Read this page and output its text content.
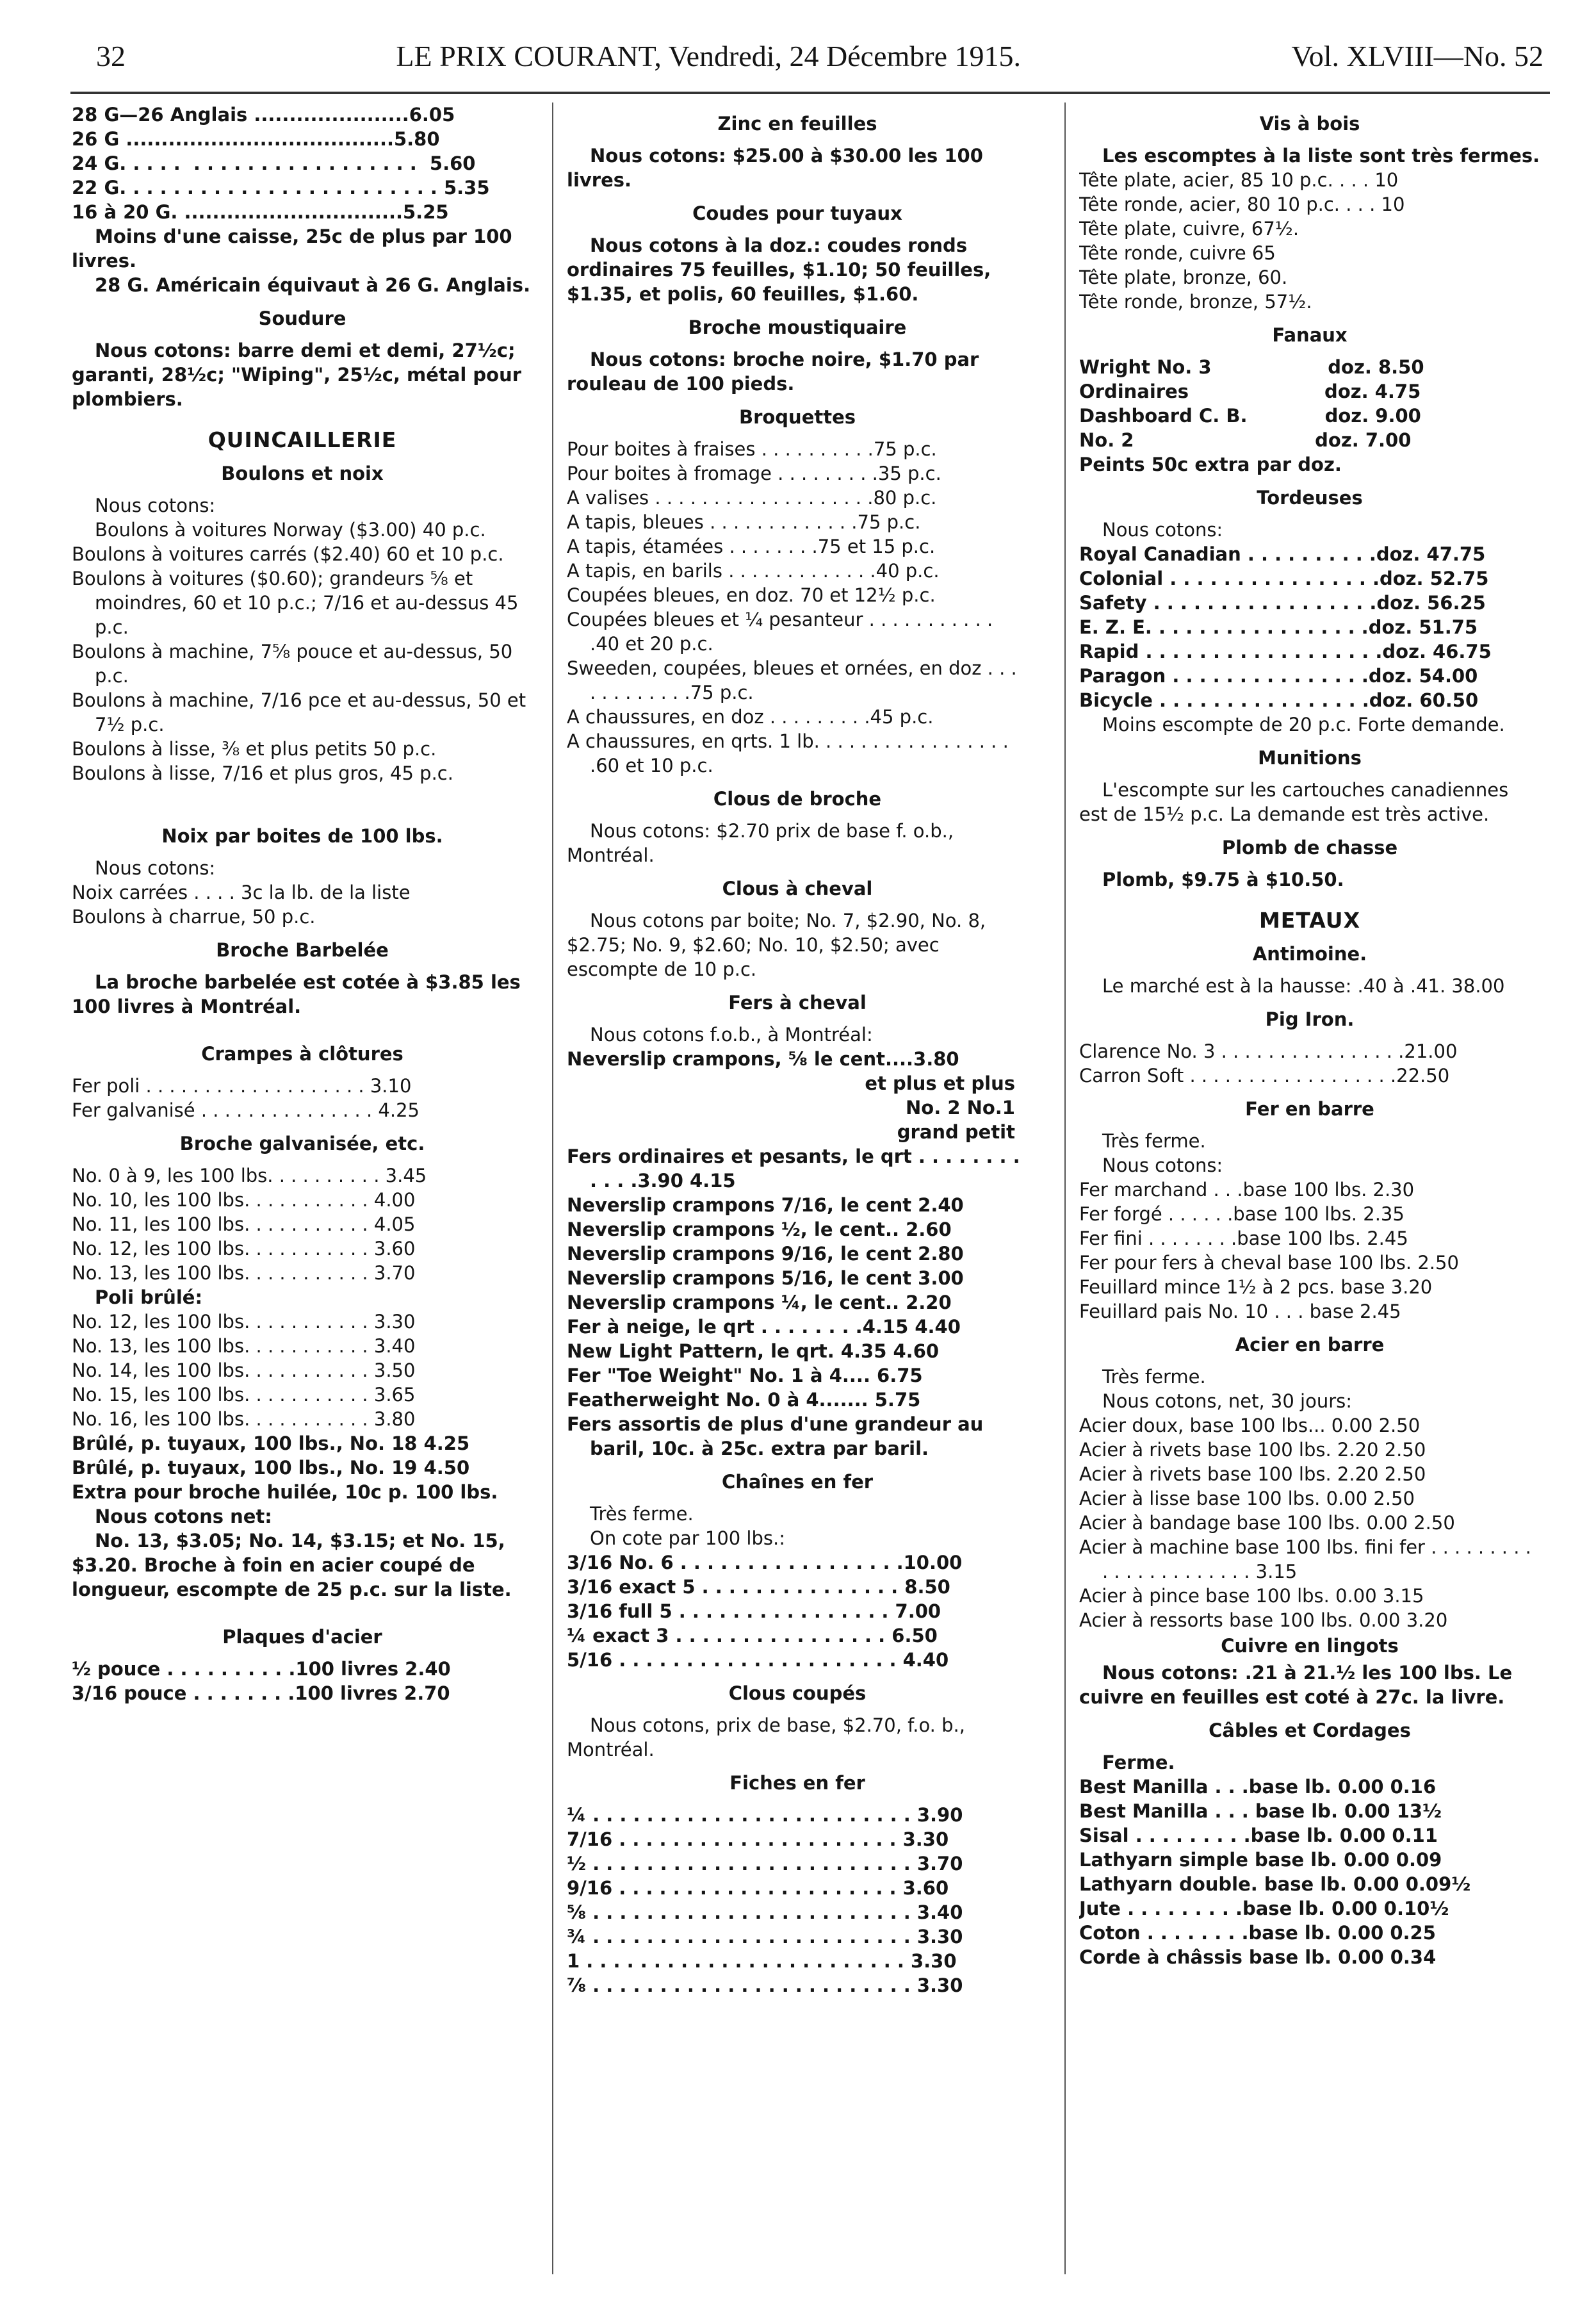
32	LE PRIX COURANT, Vendredi, 24 Décembre 1915.	Vol. XLVIII—No. 52

28 G—26 Anglais ......................6.05

26 G ......................................5.80

24 G. . . . .  . . . . . . . . . . . . . . . . .  5.60

22 G. . . . . . . . . . . . . . . . . . . . . . . . 5.35

16 à 20 G. ...............................5.25

Moins d'une caisse, 25c de plus par 100 livres.

28 G. Américain équivaut à 26 G. Anglais.

Soudure

Nous cotons: barre demi et demi, 27½c; garanti, 28½c; "Wiping", 25½c, métal pour plombiers.

QUINCAILLERIE

Boulons et noix

Nous cotons:

Boulons à voitures Norway ($3.00) 40 p.c.

Boulons à voitures carrés ($2.40) 60 et 10 p.c.

Boulons à voitures ($0.60); grandeurs ⅝ et moindres, 60 et 10 p.c.; 7/16 et au-dessus 45 p.c.

Boulons à machine, 7⅝ pouce et au-dessus, 50 p.c.

Boulons à machine, 7/16 pce et au-dessus, 50 et 7½ p.c.

Boulons à lisse, ⅜ et plus petits 50 p.c.

Boulons à lisse, 7/16 et plus gros, 45 p.c.

Noix par boites de 100 lbs.

Nous cotons:

Noix carrées . . . . 3c la lb. de la liste

Boulons à charrue, 50 p.c.

Broche Barbelée

La broche barbelée est cotée à $3.85 les 100 livres à Montréal.

Crampes à clôtures

Fer poli . . . . . . . . . . . . . . . . . . . 3.10

Fer galvanisé . . . . . . . . . . . . . . . 4.25

Broche galvanisée, etc.

No. 0 à 9, les 100 lbs. . . . . . . . . . 3.45

No. 10, les 100 lbs. . . . . . . . . . . 4.00

No. 11, les 100 lbs. . . . . . . . . . . 4.05

No. 12, les 100 lbs. . . . . . . . . . . 3.60

No. 13, les 100 lbs. . . . . . . . . . . 3.70

Poli brûlé:

No. 12, les 100 lbs. . . . . . . . . . . 3.30

No. 13, les 100 lbs. . . . . . . . . . . 3.40

No. 14, les 100 lbs. . . . . . . . . . . 3.50

No. 15, les 100 lbs. . . . . . . . . . . 3.65

No. 16, les 100 lbs. . . . . . . . . . . 3.80

Brûlé, p. tuyaux, 100 lbs., No. 18 4.25

Brûlé, p. tuyaux, 100 lbs., No. 19 4.50

Extra pour broche huilée, 10c p. 100 lbs.

Nous cotons net:

No. 13, $3.05; No. 14, $3.15; et No. 15, $3.20. Broche à foin en acier coupé de longueur, escompte de 25 p.c. sur la liste.

Plaques d'acier

½ pouce . . . . . . . . . .100 livres 2.40

3/16 pouce . . . . . . . .100 livres 2.70

Zinc en feuilles

Nous cotons: $25.00 à $30.00 les 100 livres.

Coudes pour tuyaux

Nous cotons à la doz.: coudes ronds ordinaires 75 feuilles, $1.10; 50 feuilles, $1.35, et polis, 60 feuilles, $1.60.

Broche moustiquaire

Nous cotons: broche noire, $1.70 par rouleau de 100 pieds.

Broquettes

Pour boites à fraises . . . . . . . . . .75 p.c.

Pour boites à fromage . . . . . . . . .35 p.c.

A valises . . . . . . . . . . . . . . . . . . .80 p.c.

A tapis, bleues . . . . . . . . . . . . .75 p.c.

A tapis, étamées . . . . . . . .75 et 15 p.c.

A tapis, en barils . . . . . . . . . . . . .40 p.c.

Coupées bleues, en doz. 70 et 12½ p.c.

Coupées bleues et ¼ pesanteur . . . . . . . . . . . .40 et 20 p.c.

Sweeden, coupées, bleues et ornées, en doz . . . . . . . . . . . .75 p.c.

A chaussures, en doz . . . . . . . . .45 p.c.

A chaussures, en qrts. 1 lb. . . . . . . . . . . . . . . . . .60 et 10 p.c.

Clous de broche

Nous cotons: $2.70 prix de base f. o.b., Montréal.

Clous à cheval

Nous cotons par boite; No. 7, $2.90, No. 8, $2.75; No. 9, $2.60; No. 10, $2.50; avec escompte de 10 p.c.

Fers à cheval

Nous cotons f.o.b., à Montréal:

Neverslip crampons, ⅝ le cent....3.80

et plus et plus

No. 2 No.1

grand petit

Fers ordinaires et pesants, le qrt . . . . . . . . . . . .3.90 4.15

Neverslip crampons 7/16, le cent 2.40

Neverslip crampons ½, le cent.. 2.60

Neverslip crampons 9/16, le cent 2.80

Neverslip crampons 5/16, le cent 3.00

Neverslip crampons ¼, le cent.. 2.20

Fer à neige, le qrt . . . . . . . .4.15 4.40

New Light Pattern, le qrt. 4.35 4.60

Fer "Toe Weight" No. 1 à 4.... 6.75

Featherweight No. 0 à 4....... 5.75

Fers assortis de plus d'une grandeur au baril, 10c. à 25c. extra par baril.

Chaînes en fer

Très ferme.

On cote par 100 lbs.:

3/16 No. 6 . . . . . . . . . . . . . . . . .10.00

3/16 exact 5 . . . . . . . . . . . . . . . 8.50

3/16 full 5 . . . . . . . . . . . . . . . . 7.00

¼ exact 3 . . . . . . . . . . . . . . . . 6.50

5/16 . . . . . . . . . . . . . . . . . . . . . 4.40

Clous coupés

Nous cotons, prix de base, $2.70, f.o. b., Montréal.

Fiches en fer

¼ . . . . . . . . . . . . . . . . . . . . . . . . 3.90

7/16 . . . . . . . . . . . . . . . . . . . . . 3.30

½ . . . . . . . . . . . . . . . . . . . . . . . . 3.70

9/16 . . . . . . . . . . . . . . . . . . . . . 3.60

⅝ . . . . . . . . . . . . . . . . . . . . . . . . 3.40

¾ . . . . . . . . . . . . . . . . . . . . . . . . 3.30

1 . . . . . . . . . . . . . . . . . . . . . . . . 3.30

⅞ . . . . . . . . . . . . . . . . . . . . . . . . 3.30

Vis à bois

Les escomptes à la liste sont très fermes.

Tête plate, acier, 85 10 p.c. . . . 10

Tête ronde, acier, 80 10 p.c. . . . 10

Tête plate, cuivre, 67½.

Tête ronde, cuivre 65

Tête plate, bronze, 60.

Tête ronde, bronze, 57½.

Fanaux

Wright No. 3                  doz. 8.50

Ordinaires                     doz. 4.75

Dashboard C. B.            doz. 9.00

No. 2                            doz. 7.00

Peints 50c extra par doz.

Tordeuses

Nous cotons:

Royal Canadian . . . . . . . . . .doz. 47.75

Colonial . . . . . . . . . . . . . . . .doz. 52.75

Safety . . . . . . . . . . . . . . . . .doz. 56.25

E. Z. E. . . . . . . . . . . . . . . . .doz. 51.75

Rapid . . . . . . . . . . . . . . . . . .doz. 46.75

Paragon . . . . . . . . . . . . . . .doz. 54.00

Bicycle . . . . . . . . . . . . . . . .doz. 60.50

Moins escompte de 20 p.c. Forte demande.

Munitions

L'escompte sur les cartouches canadiennes est de 15½ p.c. La demande est très active.

Plomb de chasse

Plomb, $9.75 à $10.50.

METAUX

Antimoine.

Le marché est à la hausse: .40 à .41. 38.00

Pig Iron.

Clarence No. 3 . . . . . . . . . . . . . . . .21.00

Carron Soft . . . . . . . . . . . . . . . . . .22.50

Fer en barre

Très ferme.

Nous cotons:

Fer marchand . . .base 100 lbs. 2.30

Fer forgé . . . . . .base 100 lbs. 2.35

Fer fini . . . . . . . .base 100 lbs. 2.45

Fer pour fers à cheval base 100 lbs. 2.50

Feuillard mince 1½ à 2 pcs. base 3.20

Feuillard pais No. 10 . . . base 2.45

Acier en barre

Très ferme.

Nous cotons, net, 30 jours:

Acier doux, base 100 lbs... 0.00 2.50

Acier à rivets base 100 lbs. 2.20 2.50

Acier à rivets base 100 lbs. 2.20 2.50

Acier à lisse base 100 lbs. 0.00 2.50

Acier à bandage base 100 lbs. 0.00 2.50

Acier à machine base 100 lbs. fini fer . . . . . . . . . . . . . . . . . . . . . . 3.15

Acier à pince base 100 lbs. 0.00 3.15

Acier à ressorts base 100 lbs. 0.00 3.20

Cuivre en lingots

Nous cotons: .21 à 21.½ les 100 lbs. Le cuivre en feuilles est coté à 27c. la livre.

Câbles et Cordages

Ferme.

Best Manilla . . .base lb. 0.00 0.16

Best Manilla . . . base lb. 0.00 13½

Sisal . . . . . . . . .base lb. 0.00 0.11

Lathyarn simple base lb. 0.00 0.09

Lathyarn double. base lb. 0.00 0.09½

Jute . . . . . . . . .base lb. 0.00 0.10½

Coton . . . . . . . .base lb. 0.00 0.25

Corde à châssis base lb. 0.00 0.34
